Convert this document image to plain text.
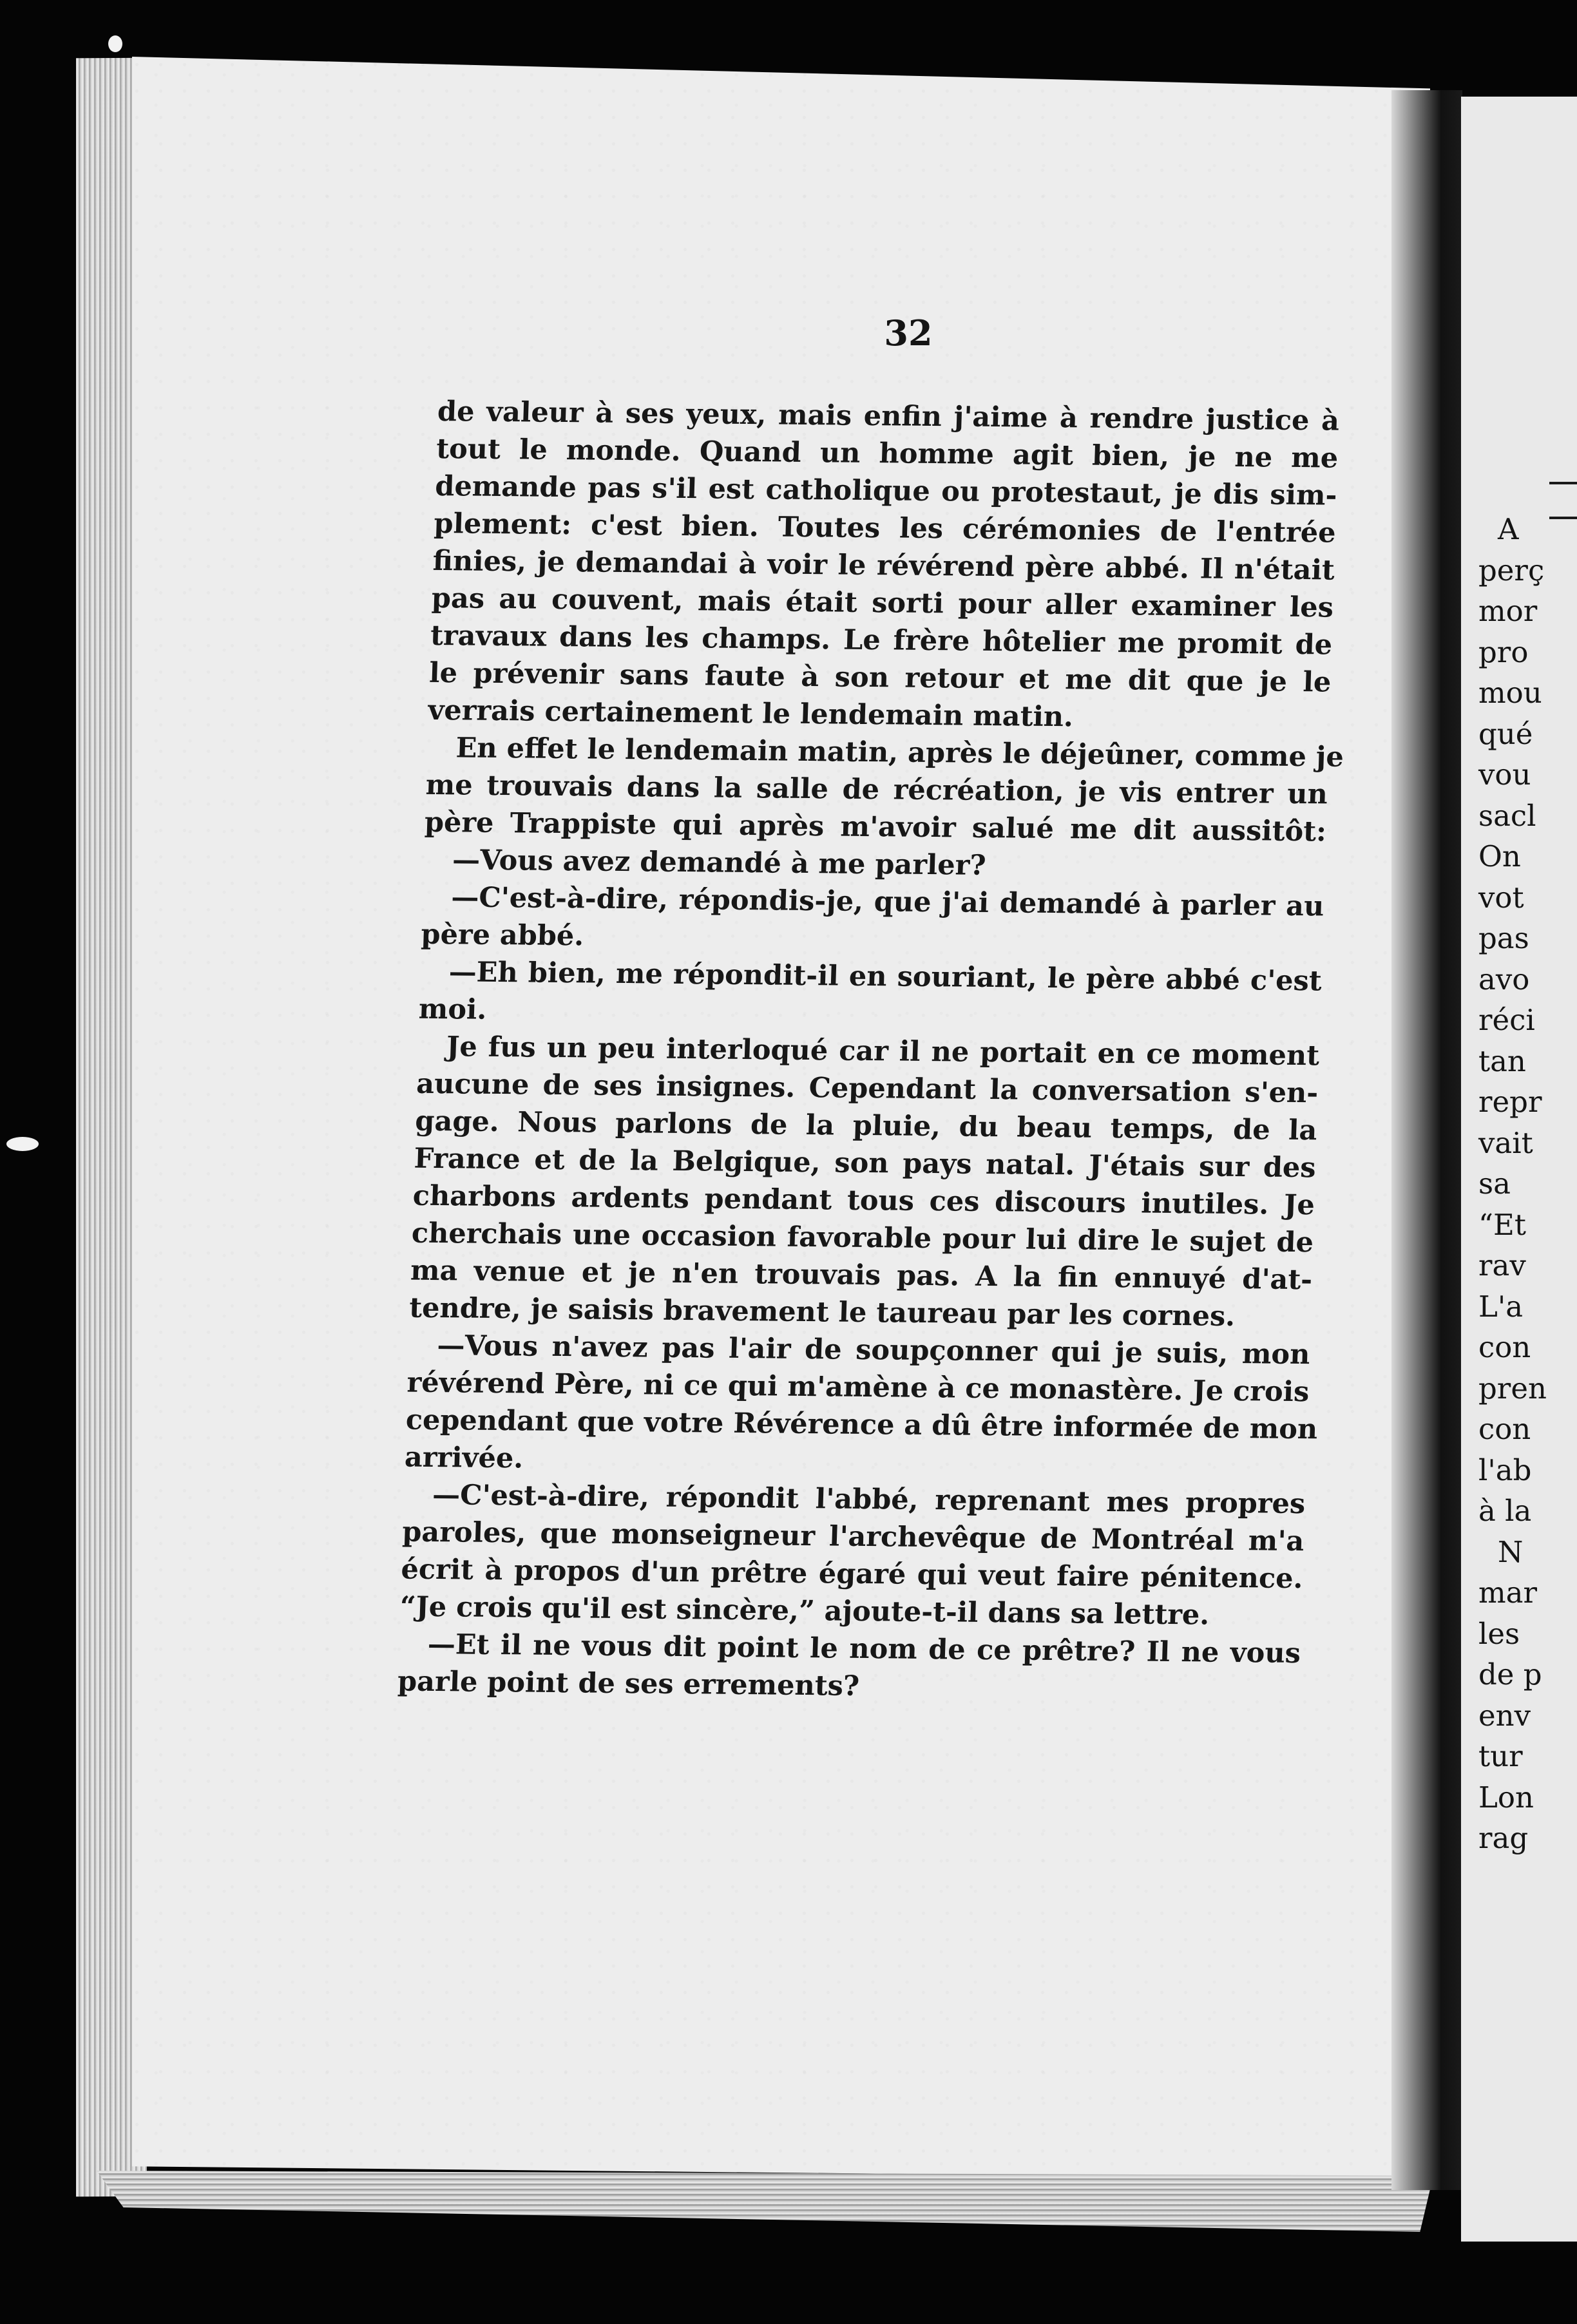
A
perç
mor
pro
mou
qué
vou
sacl
On
vot
pas
avo
réci
tan
repr
vait
sa
“Et
rav
L'a
con
pren
con
l'ab
à la
N
mar
les
de p
env
tur
Lon
rag
32
de valeur à ses yeux, mais enfin j'aime à rendre justice à
tout le monde. Quand un homme agit bien, je ne me
demande pas s'il est catholique ou protestaut, je dis sim-
plement: c'est bien. Toutes les cérémonies de l'entrée
finies, je demandai à voir le révérend père abbé. Il n'était
pas au couvent, mais était sorti pour aller examiner les
travaux dans les champs. Le frère hôtelier me promit de
le prévenir sans faute à son retour et me dit que je le
verrais certainement le lendemain matin.
En effet le lendemain matin, après le déjeûner, comme je
me trouvais dans la salle de récréation, je vis entrer un
père Trappiste qui après m'avoir salué me dit aussitôt:
—Vous avez demandé à me parler?
—C'est-à-dire, répondis-je, que j'ai demandé à parler au
père abbé.
—Eh bien, me répondit-il en souriant, le père abbé c'est
moi.
Je fus un peu interloqué car il ne portait en ce moment
aucune de ses insignes. Cependant la conversation s'en-
gage. Nous parlons de la pluie, du beau temps, de la
France et de la Belgique, son pays natal. J'étais sur des
charbons ardents pendant tous ces discours inutiles. Je
cherchais une occasion favorable pour lui dire le sujet de
ma venue et je n'en trouvais pas. A la fin ennuyé d'at-
tendre, je saisis bravement le taureau par les cornes.
—Vous n'avez pas l'air de soupçonner qui je suis, mon
révérend Père, ni ce qui m'amène à ce monastère. Je crois
cependant que votre Révérence a dû être informée de mon
arrivée.
—C'est-à-dire, répondit l'abbé, reprenant mes propres
paroles, que monseigneur l'archevêque de Montréal m'a
écrit à propos d'un prêtre égaré qui veut faire pénitence.
“Je crois qu'il est sincère,” ajoute-t-il dans sa lettre.
—Et il ne vous dit point le nom de ce prêtre? Il ne vous
parle point de ses errements?
